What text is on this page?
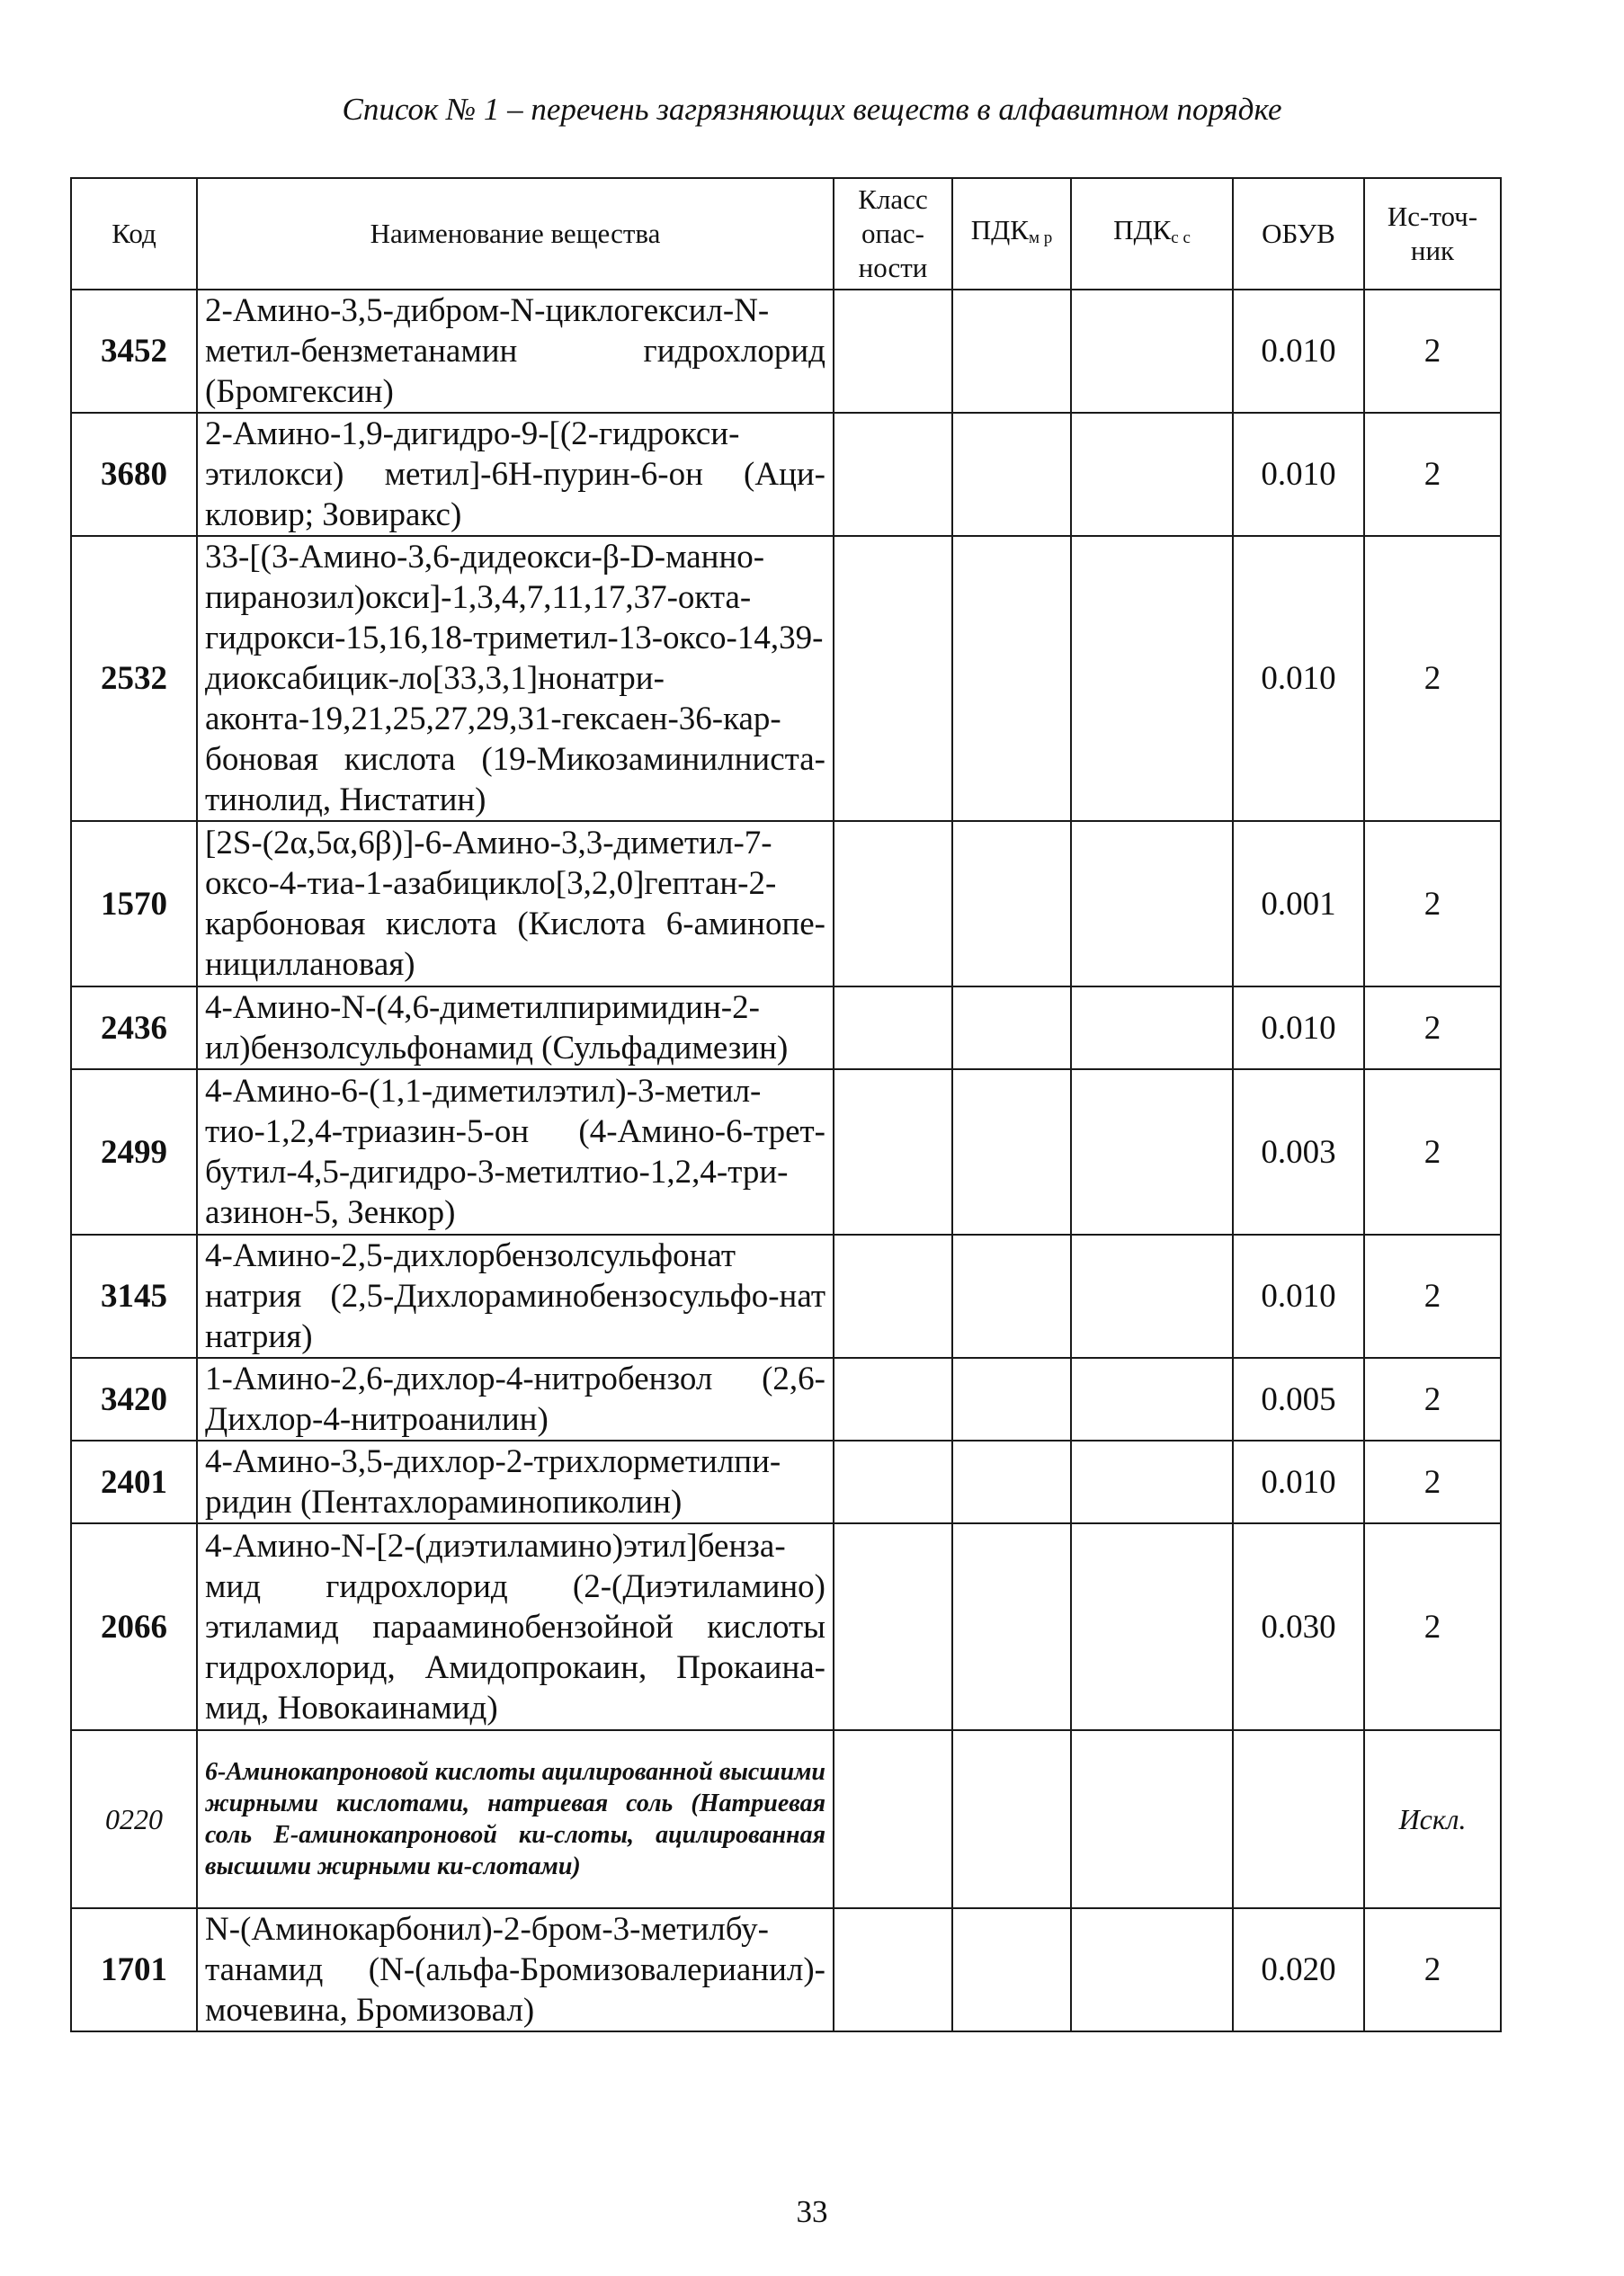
Список № 1 – перечень загрязняющих веществ в алфавитном порядке
Код	Наименование вещества	Класс опас-ности	$ПДК_{м р}$	$ПДК_{с с}$	ОБУВ	Ис-точ-ник
3452	2-Амино-3,5-дибром-N-циклогексил-N-метил-бензметанамин гидрохлорид (Бромгексин)				0.010	2
3680	2-Амино-1,9-дигидро-9-[(2-гидрокси-этилокси) метил]-6H-пурин-6-он (Аци-кловир; Зовиракс)				0.010	2
2532	33-[(3-Амино-3,6-дидеокси-β-D-манно-пиранозил)окси]-1,3,4,7,11,17,37-окта-гидрокси-15,16,18-триметил-13-оксо-14,39-диоксабицик-ло[33,3,1]нонатри-аконта-19,21,25,27,29,31-гексаен-36-кар-боновая кислота (19-Микозаминилниста-тинолид, Нистатин)				0.010	2
1570	[2S-(2α,5α,6β)]-6-Амино-3,3-диметил-7-оксо-4-тиа-1-азабицикло[3,2,0]гептан-2-карбоновая кислота (Кислота 6-аминопе-нициллановая)				0.001	2
2436	4-Амино-N-(4,6-диметилпиримидин-2-ил)бензолсульфонамид (Сульфадимезин)				0.010	2
2499	4-Амино-6-(1,1-диметилэтил)-3-метил-тио-1,2,4-триазин-5-он (4-Амино-6-трет-бутил-4,5-дигидро-3-метилтио-1,2,4-три-азинон-5, Зенкор)				0.003	2
3145	4-Амино-2,5-дихлорбензолсульфонат натрия (2,5-Дихлораминобензосульфо-нат натрия)				0.010	2
3420	1-Амино-2,6-дихлор-4-нитробензол (2,6-Дихлор-4-нитроанилин)				0.005	2
2401	4-Амино-3,5-дихлор-2-трихлорметилпи-ридин (Пентахлораминопиколин)				0.010	2
2066	4-Амино-N-[2-(диэтиламино)этил]бенза-мид гидрохлорид (2-(Диэтиламино) этиламид парааминобензойной кислоты гидрохлорид, Амидопрокаин, Прокаина-мид, Новокаинамид)				0.030	2
0220	6-Аминокапроновой кислоты ацилированной высшими жирными кислотами, натриевая соль (Натриевая соль Е-аминокапроновой ки-слоты, ацилированная высшими жирными ки-слотами)					Искл.
1701	N-(Аминокарбонил)-2-бром-3-метилбу-танамид (N-(альфа-Бромизовалерианил)-мочевина, Бромизовал)				0.020	2
33
